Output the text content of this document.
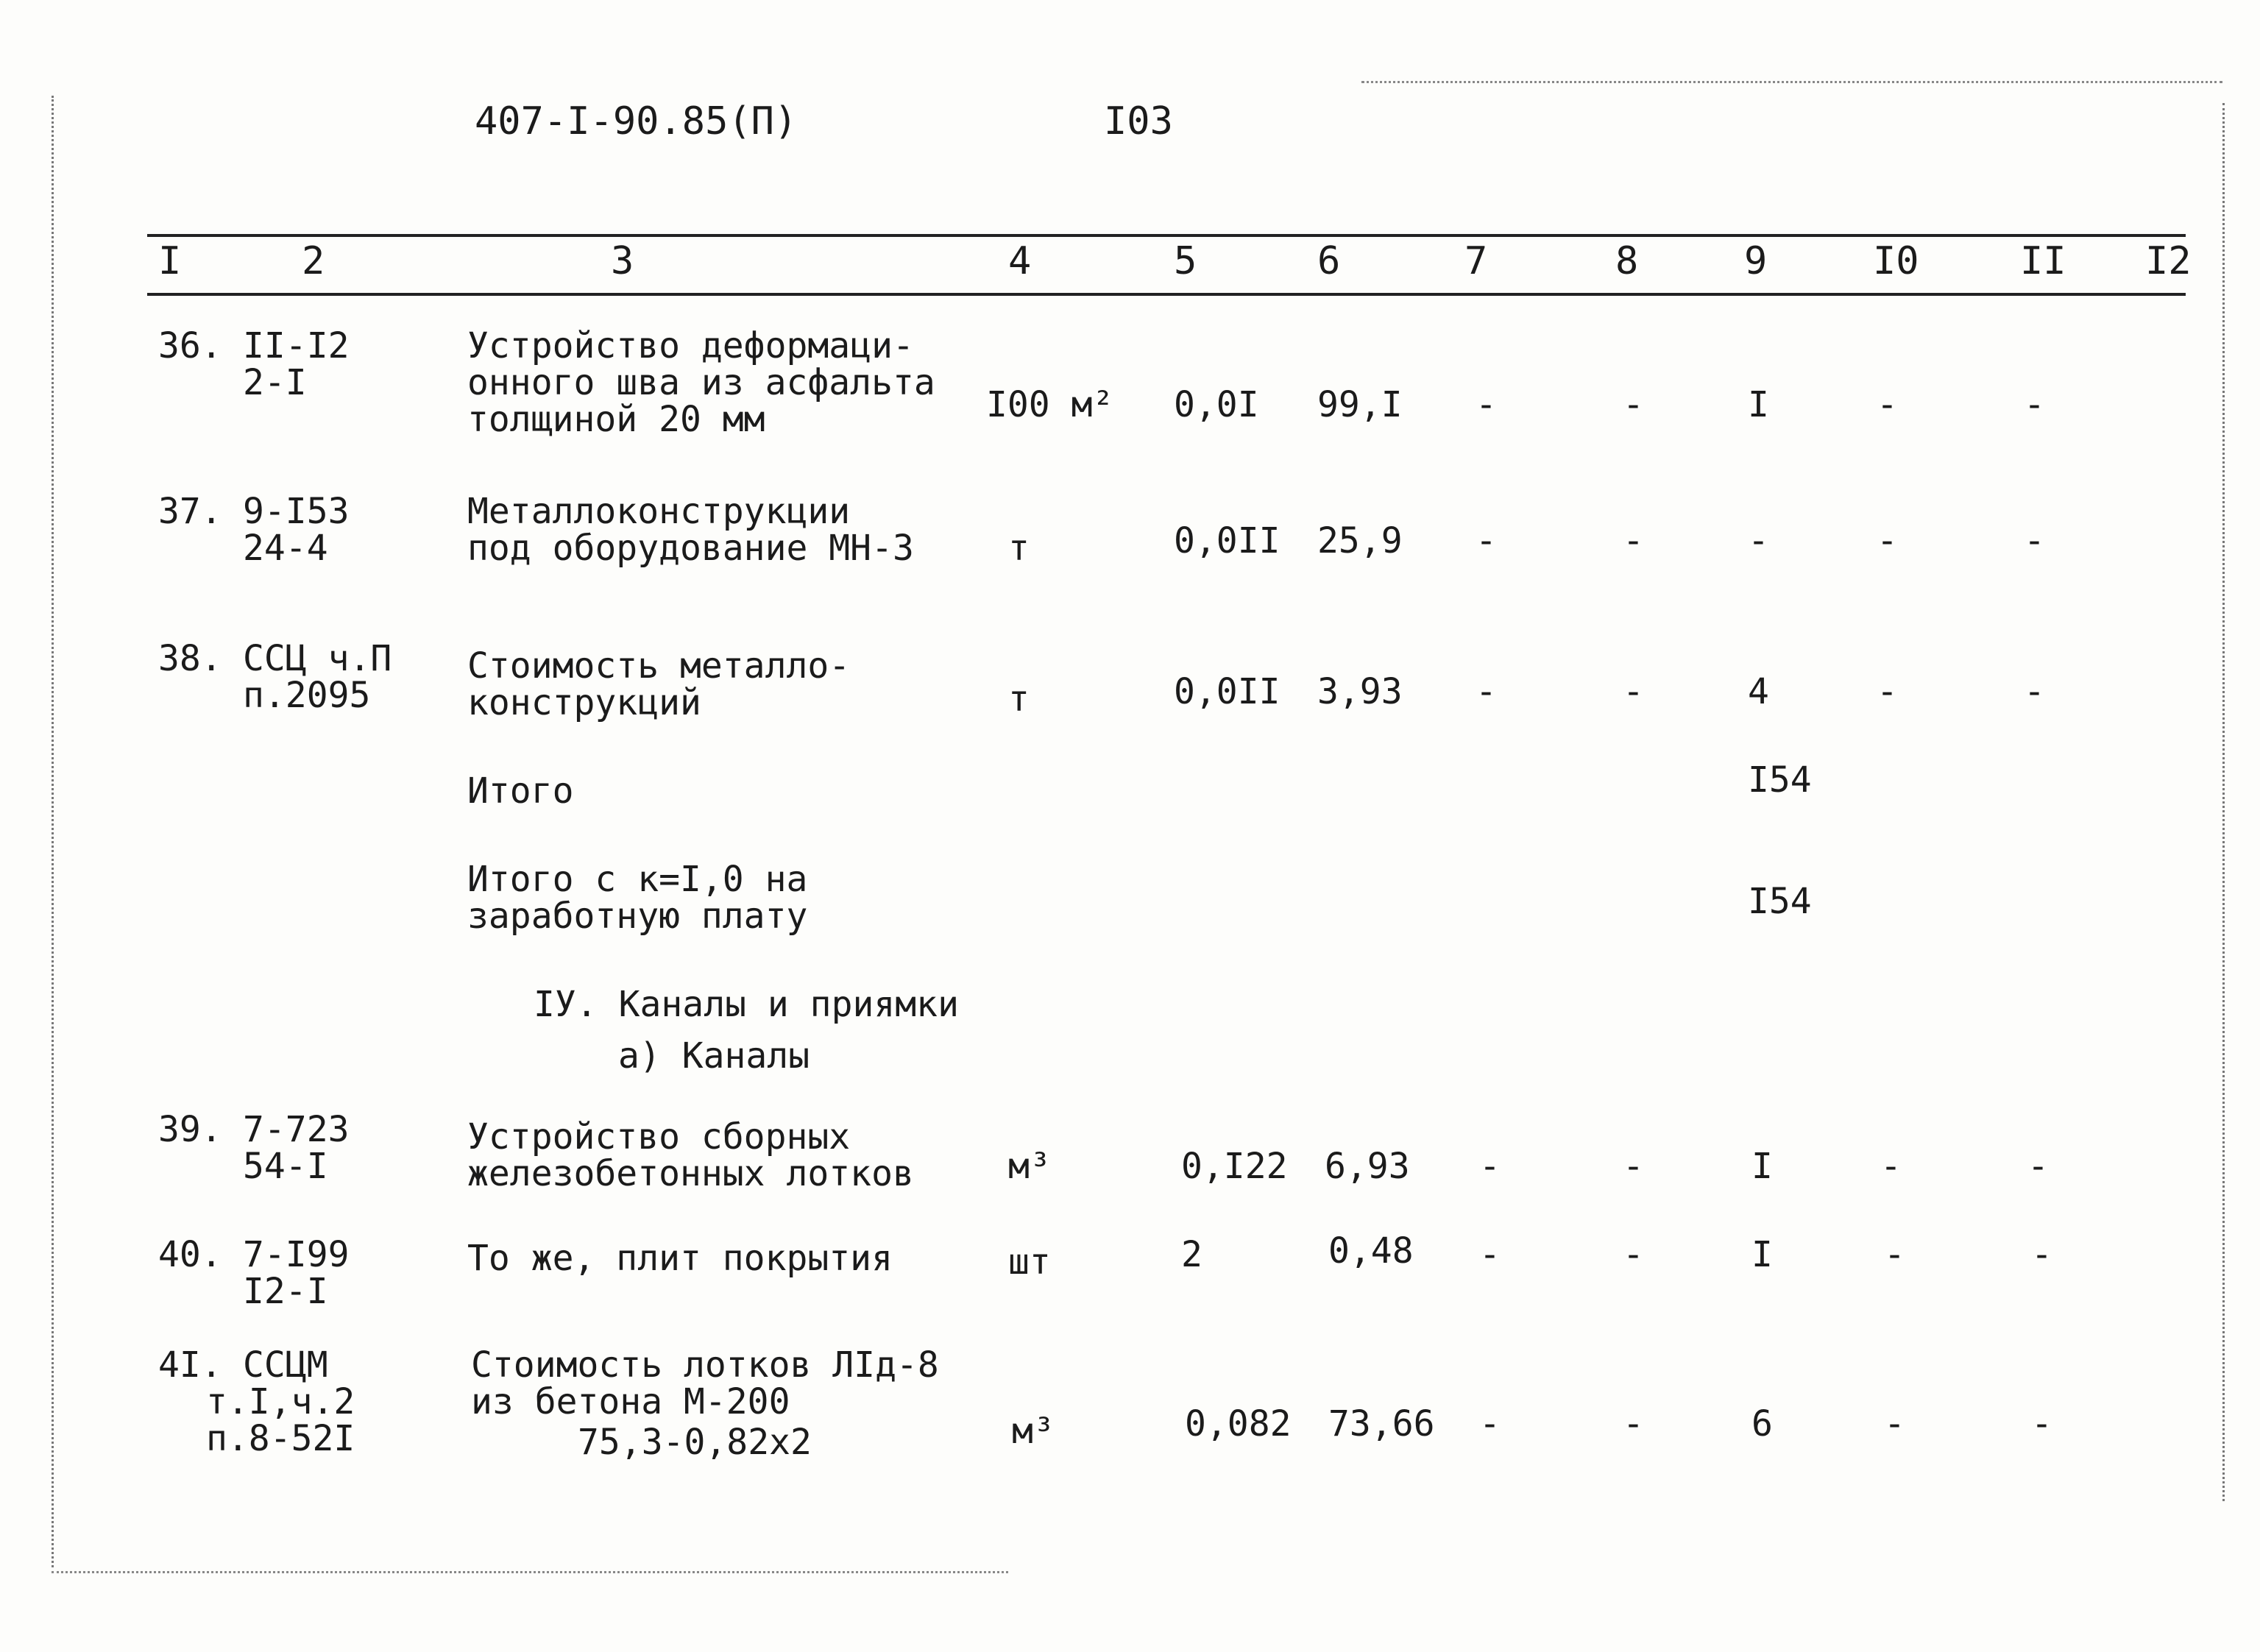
407-I-90.85(П)	I03
I	2	3	4	5	6	7	8	9	I0	II I2
36. II-I2
2-I
Устройство деформаци-
онного шва из асфальта
толщиной 20 мм	I00 м² 0,0I 99,I -	-	I	-	-
37. 9-I53
24-4
Металлоконструкции
под оборудование МН-3	т	0,0II 25,9 -	-	-	-	-
38. ССЦ ч.П
п.2095
Стоимость металло-
конструкций	т	0,0II 3,93 -	-	4	-	-
Итого	I54
Итого с к=I,0 на
заработную плату	I54
IУ. Каналы и приямки
а) Каналы
39. 7-723
54-I
Устройство сборных
железобетонных лотков	м³	0,I22 6,93 -	-	I	-	-
40. 7-I99
I2-I
То же, плит покрытия	шт	2	0,48 -	-	I	-	-
4I. ССЦМ
т.I,ч.2
п.8-52I
Стоимость лотков ЛIд-8
из бетона М-200
75,3-0,82х2	м³	0,082 73,66 -	-	6	-	-
